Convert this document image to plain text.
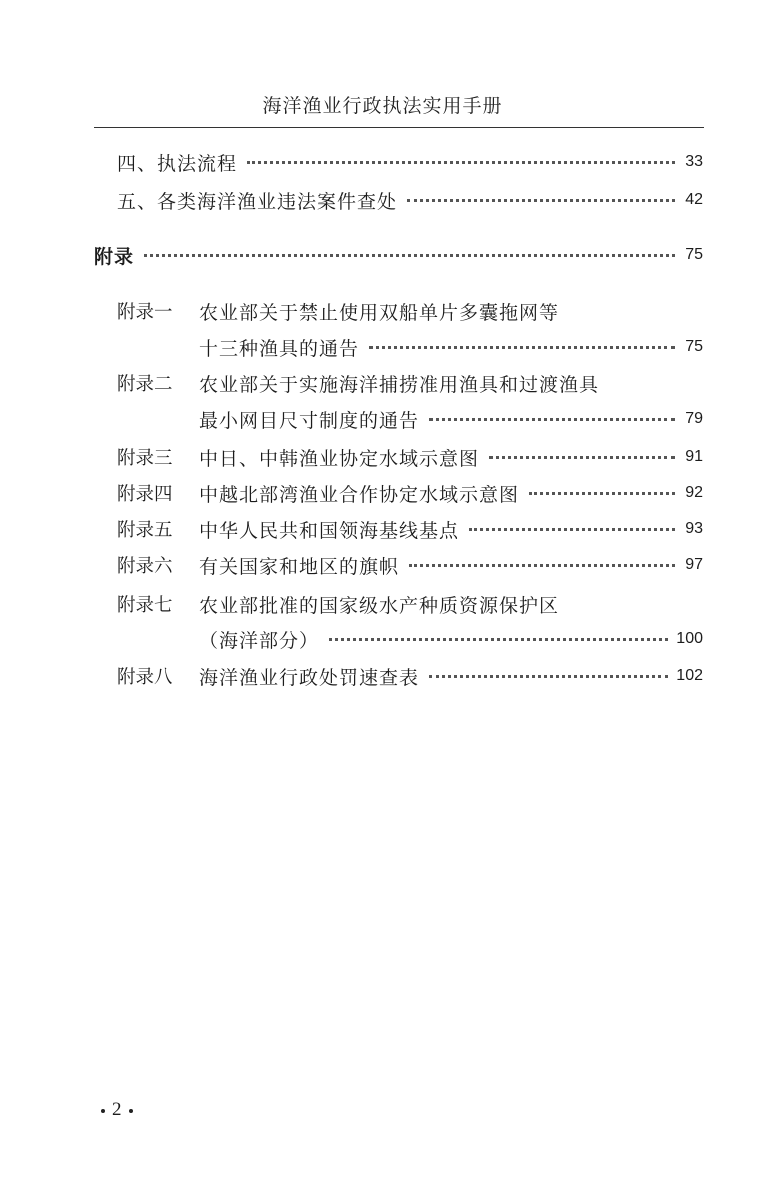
海洋渔业行政执法实用手册
四、执法流程	33
五、各类海洋渔业违法案件查处	42
附录	75
附录一	农业部关于禁止使用双船单片多囊拖网等
十三种渔具的通告	75
附录二	农业部关于实施海洋捕捞准用渔具和过渡渔具
最小网目尺寸制度的通告	79
附录三	中日、中韩渔业协定水域示意图	91
附录四	中越北部湾渔业合作协定水域示意图	92
附录五	中华人民共和国领海基线基点	93
附录六	有关国家和地区的旗帜	97
附录七	农业部批准的国家级水产种质资源保护区
（海洋部分）	100
附录八	海洋渔业行政处罚速查表	102
2
